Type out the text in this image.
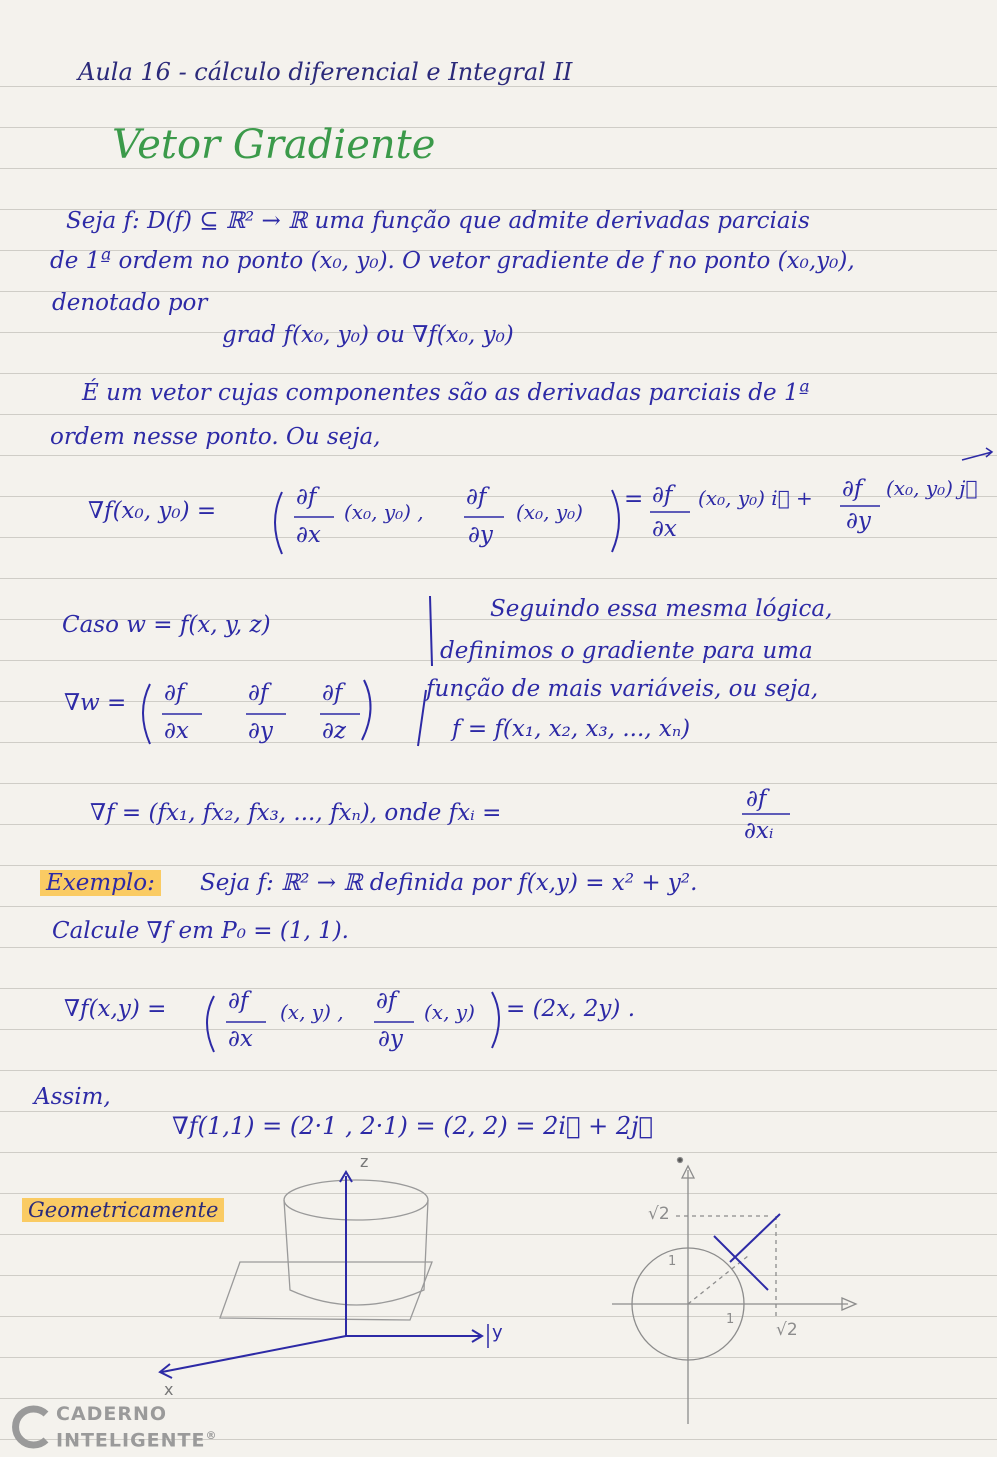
Aula 16 - cálculo diferencial e Integral II
Vetor Gradiente
Seja f: D(f) ⊆ ℝ² → ℝ uma função que admite derivadas parciais
de 1ª ordem no ponto (x₀, y₀). O vetor gradiente de f no ponto (x₀,y₀),
denotado por
grad f(x₀, y₀) ou ∇f(x₀, y₀)
É um vetor cujas componentes são as derivadas parciais de 1ª
ordem nesse ponto. Ou seja,
∇f(x₀, y₀) =
∂f
∂x
(x₀, y₀) ,
∂f
∂y
(x₀, y₀) = ∂f
∂x
(x₀, y₀) i⃗ + ∂f
∂y
(x₀, y₀) j⃗
Caso w = f(x, y, z)
∇w = ∂f
∂x
∂f
∂y
∂f
∂z
Seguindo essa mesma lógica,
definimos o gradiente para uma
função de mais variáveis, ou seja,
f = f(x₁, x₂, x₃, ..., xₙ)
∇f = (fx₁, fx₂, fx₃, ..., fxₙ), onde fxᵢ =
∂f
∂xᵢ
Exemplo: Seja f: ℝ² → ℝ definida por f(x,y) = x² + y².
Calcule ∇f em P₀ = (1, 1).
∇f(x,y) =	∂f
∂x
(x, y) , ∂f
∂y
(x, y) = (2x, 2y) .
Assim,
∇f(1,1) = (2·1 , 2·1) = (2, 2) = 2i⃗ + 2j⃗
Geometricamente
z
y
x
√2
1
1
√2
CADERNO
INTELIGENTE®
